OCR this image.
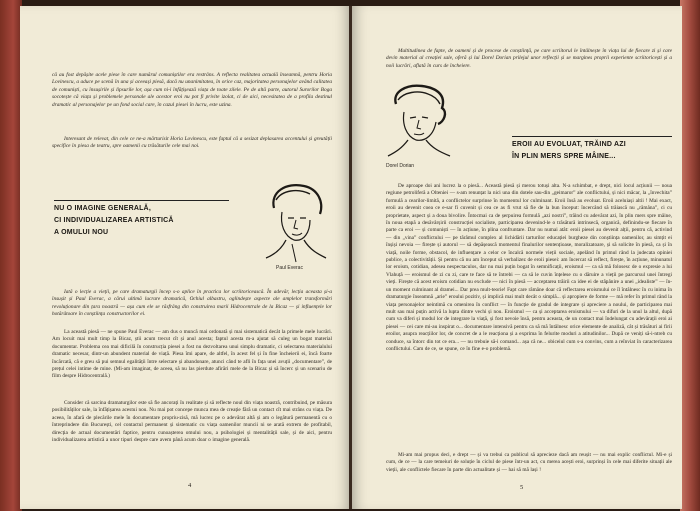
că au fost depășite acele piese în care numărul comuniștilor era restrâns. A reflecta realitatea actuală înseamnă, pentru Horia Lovinescu, a aduce pe scenă în una și aceeași piesă, dacă nu unanimitatea, în orice caz, majoritatea personajelor având calitatea de comuniști, cu însușirile și lipsurile lor, așa cum ni-i înfățișează viața de toate zilele. Pe de altă parte, autorul Surorilor Boga socotește că viața și problemele personale ale acestor eroi nu pot fi privite izolat, ci de aici, necesitatea de a profila destinul dramatic al personajelor pe un fond social care, în cazul piesei în lucru, este uzina.
Interesant de relevat, din cele ce ne-a mărturisit Horia Lovinescu, este faptul că a sesizat deplasarea accentului și greutății specifice în piesa de teatru, spre oamenii cu trăsăturile cele mai noi.
NU O IMAGINE GENERALĂ,
CI INDIVIDUALIZAREA ARTISTICĂ
A OMULUI NOU
Paul Everac
Iată o lecție a vieții, pe care dramaturgii încep s-o aplice în practica lor scriitoricească. În adevăr, lecția aceasta și-a însușit și Paul Everac, a cărui ultimă lucrare dramatică, Ochiul albastru, oglindește aspecte ale amplelor transformări revoluționare din țara noastră — așa cum ele se răsfrâng din construirea marii Hidrocentrale de la Bicaz — și influențele lor hotărâtoare în conștiința constructorilor ei.
La această piesă — ne spune Paul Everac — am dus o muncă mai ordonată și mai sistematică decât la primele mele lucrări. Am locuit mai mult timp la Bicaz, știi acum trecut cît și anul acesta; faptul acesta m-a ajutat să culeg un bogat material documentar. Problema cea mai dificilă în construcția piesei a fost nu dezvoltarea unui simplu dramatic, ci selectarea materialului dramatic necesar, dintr-un abundent material de viață. Piesa îmi apare, de altfel, în acest fel și în fine încheierii ei, încă foarte încărcată, că e greu să pui semnul egalității între selectare și abandonare, atunci când te afli în fața unei avuții „documentare”, de prețul celei intime de mine. (Mi-am imaginat, de aceea, să nu las pierdute afirări mele de la Bicaz și să încerc și un scenariu de film despre Hidrocentrală.)
Consider că sarcina dramaturgilor este să fie ancorați în realitate și să reflecte noul din viața noastră, contribuind, pe măsura posibilităților sale, la înfățișarea acestui nou. Nu mai pot concepe munca mea de creație fără un contact cît mai strâns cu viața. De aceea, în afară de plecările mele în documentare propriu-zisă, mă lucrez pe o adevărat altă și am o legătură permanentă cu o întreprindere din București, cel contactul permanent și sistematic cu viața oamenilor muncii ni se arată extrem de profitabil, direcția de actual documentări faptice, pentru cunoașterea omului nou, a psihologiei și mentalității sale, și de aici, pentru individualizarea artistică a unor tipuri despre care avem până acum doar o imagine generală.
4
Multitudinea de fapte, de oameni și de procese de conștiință, pe care scriitorul le întâlnește în viața lui de fiecare zi și care devin material al creației sale, oferă și lui Dorel Dorian prilejul unor reflecții și se margines proprii experiente scriitoricești și a noii lucrări, aflată în curs de încheiere.
Dorel Dorian
EROII AU EVOLUAT, TRĂIND AZI
ÎN PLIN MERS SPRE MÂINE...
De aproape doi ani lucrez la o piesă... Această piesă și merou totuși alta. N-a schimbat, e drept, nici locul acțiunii — noua regiune petroliferă a Olteniei — s-am renunțat la nici una din dotele sau-din „geimaror” ale conflictului, și nici măcar, la „învechita” formulă a cearilor-limită, a conflictelor surprinse în momentul lor culminant. Eroii însă au evoluat. Eroii aceluiași altii ! Mai exact, eroii au devenit coea ce e-sar fi cuvenit și cea ce as fi vrut să fie de la bun început: încercând să trăiască nu „rămâna”, ci cu proprietate, aspect și a doua bivolire. Întocmai ca de șerpuirea formulă „azi nostri”, trăind cu adevărat azi, în plin mers spre mâine, în noua etapă a desăvârșirii construcției socialiste, participarea devenind-le o trăsătură intrinsecă, organică, definindu-se fiecare în parte ca eroi — și comuniști — în acțiune, în plina confruntare. Dar nu numai atât: eroii piesei au devenit alții, pentru că, activind — din „vina” conflictului — pe tărâmul complex al lichidării tarturilor educației burgheze din conștiința oamenilor, au simțit ei înșiși nevoia — firește și autorul — să depășească momentul finalurilor sentențioase, moralizatoare, și să solicite în piesă, ca și în viață, noile forme, obstacol, de influențare a celor ce încalcă normele vieții sociale, apelând în primul rând la judecata opiniei publice, a colectivității. Și pentru că nu am început să verbalizez de eroii piesei: am încercat să reflect, firește, în acțiune, minunatul lor eroism, cotidian, adesea nespectaculos, dar nu mai puțin bogat în semnificații, eroismul — ca să mă folosesc de o expresie a lui Vlahuță — eroismul de zi cu zi, care te face să te întrebi — ca să le cuvin înțelese cu o dăruire a vieții pe parcursul unei întregi vieți. Firește că acest eroism cotidian nu exclude — nici în piesă — acceptarea trăirii ca idee ei de stăpânire a unei „idealiste” — în-un moment culminant al dramei... Dar prea mult-teorie! Fapt care rămâne doar că reflectarea eroismului ce îl întâlnesc în cu inima în dramaturgie înseamnă „arie” eroului pozitiv, și implică mai mult decât o simplă... și apropiere de forme — mă refer în primul rând la viața personajelor neintimă cu omenirea în conflict — în funcție de gradul de integrare și apreciere a noului, de participarea mai mult sau mai puțin activă la lupta dintre vechi și nou. Eroismul — ca și acceptarea eroismului — va difuri de la unul la altul, după cum va diferi și modul lor de integrare la viață, și fost nevoie însă, pentru aceasta, de un contact mai îndelungat cu adevărații eroi ai piesei — cei care mi-au inspirat o... documentare intensivă pentru ca să mă întâlnesc orice elemente de analiză, cât și trăsături ai firii eroilor, asupra reacțiilor lor, de concret de a le reacționa și a exprima în felurite moduri a atitudinilor... După ce veniți să-i-ntreb cu conduce, sa întorc din tot ce era... — nu trebuie să-i comand... așa că ne... obiceiul cum s-a convins, cum a reînviat în caracterizarea conflictului. Cam de ce, se spune, ce în fine e-o problemă.
Mi-am mai propus deci, e drept — și va trebui ca publicul să aprecieze dacă am reușit — nu mai explic conflictul. Mi-e și cum, de ce — la care temeiuri de soluție în ciclul de piese într-un act, cu merea acești eroi, surprinși în cele mai diferite situații ale vieții, ale conflictele fiecare în parte din actualitate și — hai să mă lași !
5
